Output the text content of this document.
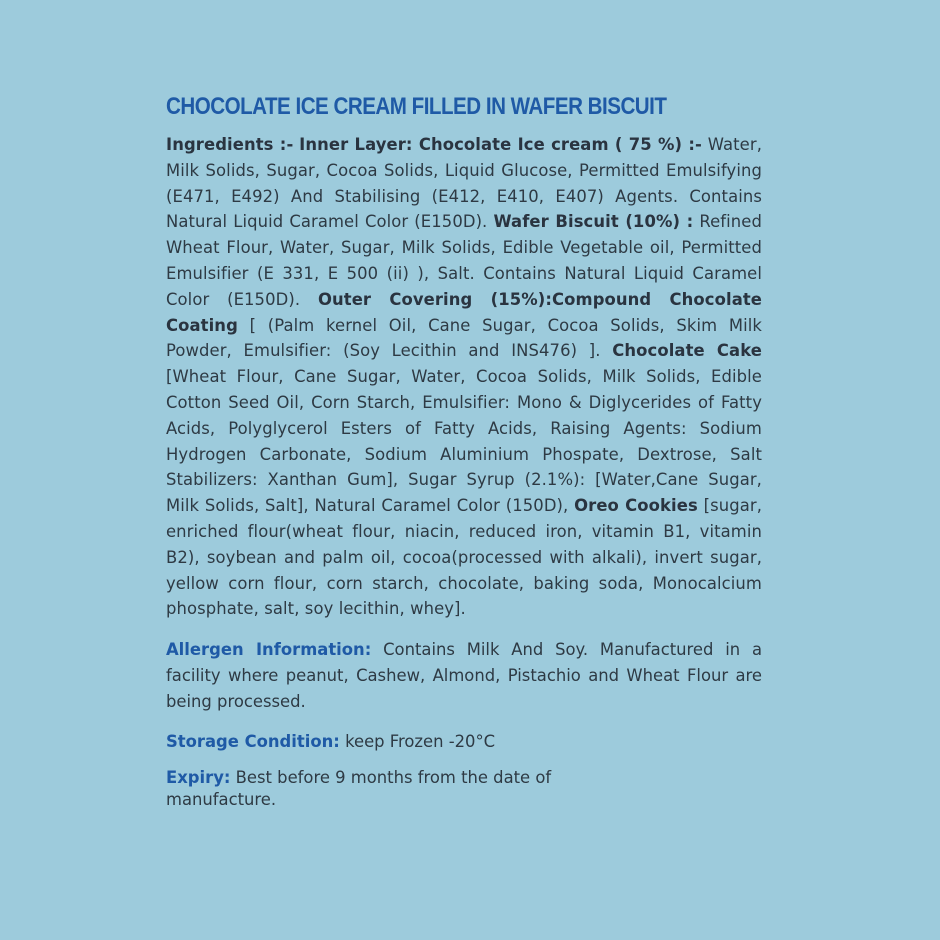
CHOCOLATE ICE CREAM FILLED IN WAFER BISCUIT

Ingredients :- Inner Layer: Chocolate Ice cream ( 75 %) :- Water, Milk Solids, Sugar, Cocoa Solids, Liquid Glucose, Permitted Emulsifying (E471, E492) And Stabilising (E412, E410, E407) Agents. Contains Natural Liquid Caramel Color (E150D). Wafer Biscuit (10%) : Refined Wheat Flour, Water, Sugar, Milk Solids, Edible Vegetable oil, Permitted Emulsifier (E 331, E 500 (ii) ), Salt. Contains Natural Liquid Caramel Color (E150D). Outer Covering (15%):Compound Chocolate Coating [ (Palm kernel Oil, Cane Sugar, Cocoa Solids, Skim Milk Powder, Emulsifier: (Soy Lecithin and INS476) ]. Chocolate Cake [Wheat Flour, Cane Sugar, Water, Cocoa Solids, Milk Solids, Edible Cotton Seed Oil, Corn Starch, Emulsifier: Mono & Diglycerides of Fatty Acids, Polyglycerol Esters of Fatty Acids, Raising Agents: Sodium Hydrogen Carbonate, Sodium Aluminium Phospate, Dextrose, Salt Stabilizers: Xanthan Gum], Sugar Syrup (2.1%): [Water,Cane Sugar, Milk Solids, Salt], Natural Caramel Color (150D), Oreo Cookies [sugar, enriched flour(wheat flour, niacin, reduced iron, vitamin B1, vitamin B2), soybean and palm oil, cocoa(processed with alkali), invert sugar, yellow corn flour, corn starch, chocolate, baking soda, Monocalcium phosphate, salt, soy lecithin, whey].

Allergen Information: Contains Milk And Soy. Manufactured in a facility where peanut, Cashew, Almond, Pistachio and Wheat Flour are being processed.

Storage Condition: keep Frozen -20°C

Expiry: Best before 9 months from the date of
manufacture.
